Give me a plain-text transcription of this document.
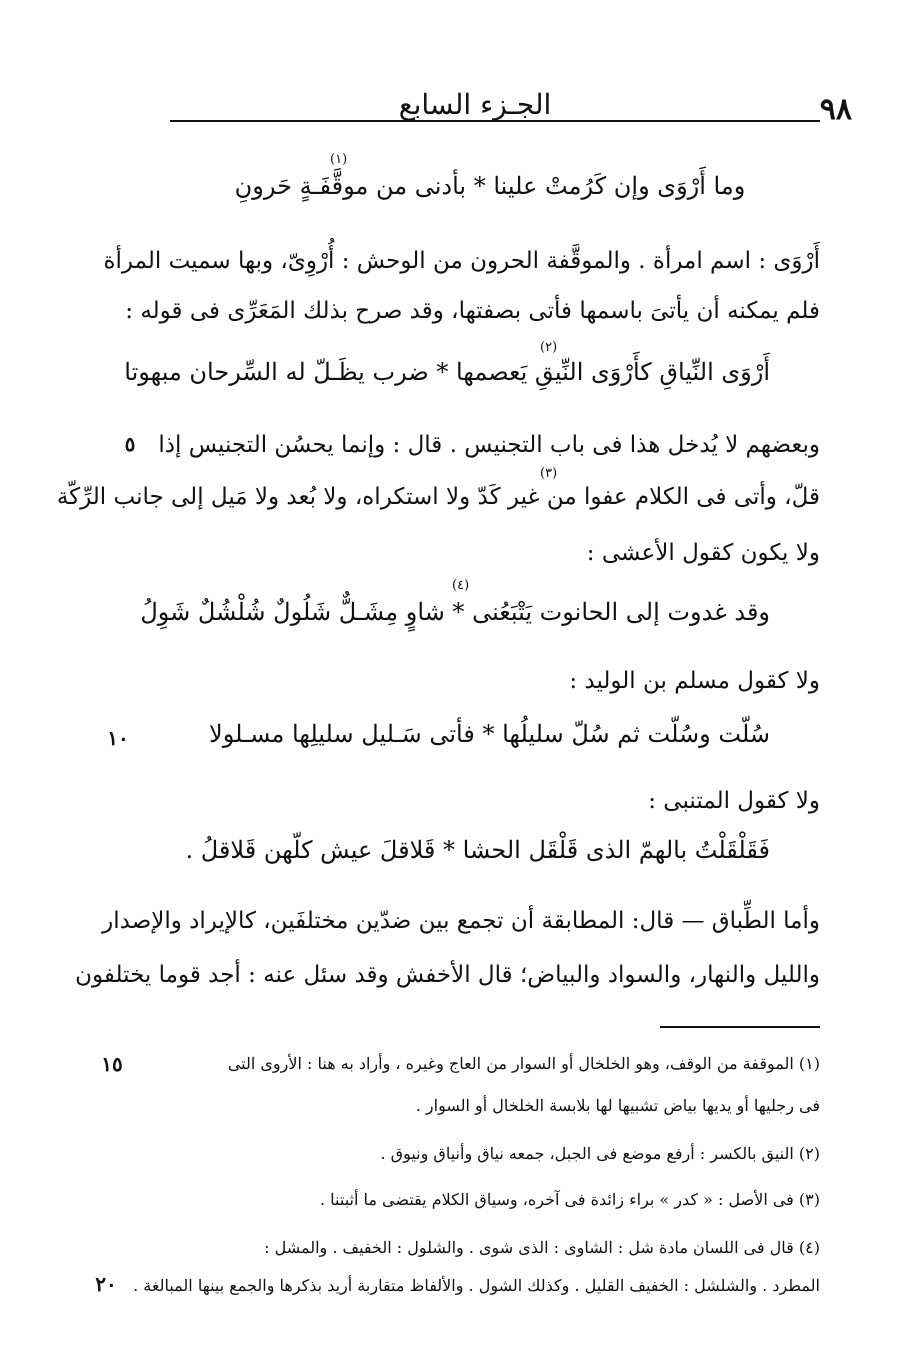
٩٨
الجـزء السابع
(١)
وما أَرْوَى وإن كَرُمتْ علينا * بأدنى من موقَّفَـةٍ حَرونِ
أَرْوَى : اسم امرأة . والموقَّفة الحرون من الوحش : أُرْوِىّ، وبها سميت المرأة
فلم يمكنه أن يأتىَ باسمها فأتى بصفتها، وقد صرح بذلك المَعَرِّى فى قوله :
(٢)
أَرْوَى النِّياقِ كأَرْوَى النِّيقِ يَعصمها * ضرب يظَـلّ له السِّرحان مبهوتا
وبعضهم لا يُدخل هذا فى باب التجنيس . قال : وإنما يحسُن التجنيس إذا
(٣)
قلّ، وأتى فى الكلام عفوا من غير كَدّ ولا استكراه، ولا بُعد ولا مَيل إلى جانب الرِّكّة
ولا يكون كقول الأعشى :
(٤)
وقد غدوت إلى الحانوت يَتْبَعُنى * شاوٍ مِشَـلٌّ شَلُولٌ شُلْشُلٌ شَوِلُ
ولا كقول مسلم بن الوليد :
سُلّت وسُلّت ثم سُلّ سليلُها * فأتى سَـليل سليلِها مسـلولا
ولا كقول المتنبى :
فَقَلْقَلْتُ بالهمّ الذى قَلْقَل الحشا * قَلاقلَ عيش كلّهن قَلاقلُ .
وأما الطِّباق — قال: المطابقة أن تجمع بين ضدّين مختلفَين، كالإيراد والإصدار
والليل والنهار، والسواد والبياض؛ قال الأخفش وقد سئل عنه : أجد قوما يختلفون
٥
١٠
١٥
٢٠
(١) الموقفة من الوقف، وهو الخلخال أو السوار من العاج وغيره ، وأراد به هنا : الأروى التى
فى رجليها أو يديها بياض تشبيها لها بلابسة الخلخال أو السوار .
(٢) النيق بالكسر : أرفع موضع فى الجبل، جمعه نياق وأنياق ونيوق .
(٣) فى الأصل : « كدر » براء زائدة فى آخره، وسياق الكلام يقتضى ما أثبتنا .
(٤) قال فى اللسان مادة شل : الشاوى : الذى شوى . والشلول : الخفيف . والمشل :
المطرد . والشلشل : الخفيف القليل . وكذلك الشول . والألفاظ متقاربة أريد بذكرها والجمع بينها المبالغة .
